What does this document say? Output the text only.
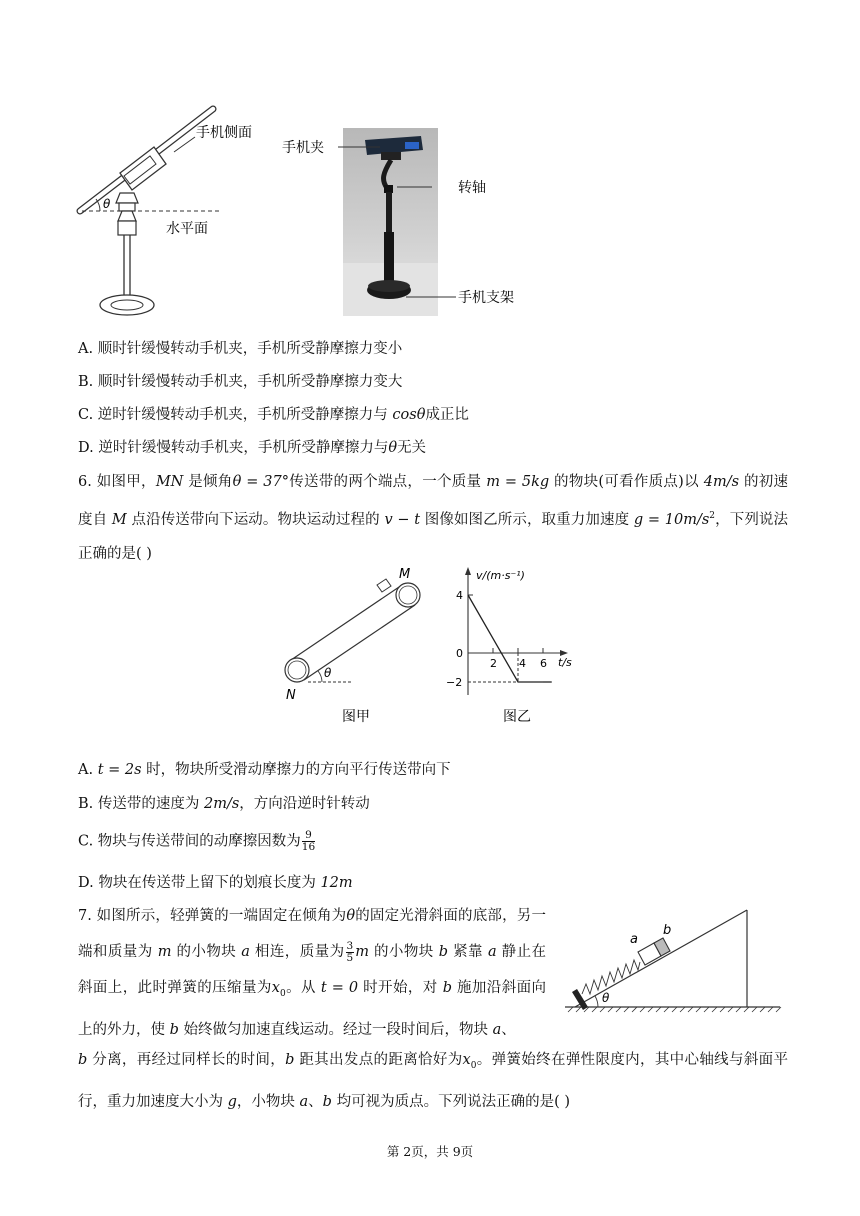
θ
手机侧面
水平面
手机夹
转轴
手机支架
A. 顺时针缓慢转动手机夹，手机所受静摩擦力变小
B. 顺时针缓慢转动手机夹，手机所受静摩擦力变大
C. 逆时针缓慢转动手机夹，手机所受静摩擦力与 cosθ成正比
D. 逆时针缓慢转动手机夹，手机所受静摩擦力与θ无关
6. 如图甲，MN 是倾角θ = 37°传送带的两个端点，一个质量 m = 5kg 的物块(可看作质点)以 4m/s 的初速度自 M 点沿传送带向下运动。物块运动过程的 v − t 图像如图乙所示，取重力加速度 $g = 10m/s^2$，下列说法正确的是( )
θ
M
N
图甲
v/(m·s⁻¹)
t/s
4
0
−2
2 4 6
图乙
A. t = 2s 时，物块所受滑动摩擦力的方向平行传送带向下
B. 传送带的速度为 2m/s，方向沿逆时针转动
C. 物块与传送带间的动摩擦因数为 $\frac{9}{16}$
D. 物块在传送带上留下的划痕长度为 12m
7. 如图所示，轻弹簧的一端固定在倾角为θ的固定光滑斜面的底部，另一端和质量为 m 的小物块 a 相连，质量为 $\frac{3}{5}$ m 的小物块 b 紧靠 a 静止在斜面上，此时弹簧的压缩量为$x_0$。从 t = 0 时开始，对 b 施加沿斜面向上的外力，使 b 始终做匀加速直线运动。经过一段时间后，物块 a、
b 分离，再经过同样长的时间，b 距其出发点的距离恰好为$x_0$。弹簧始终在弹性限度内，其中心轴线与斜面平行，重力加速度大小为 g，小物块 a、b 均可视为质点。下列说法正确的是( )
a
b
θ
第 2页，共 9页
